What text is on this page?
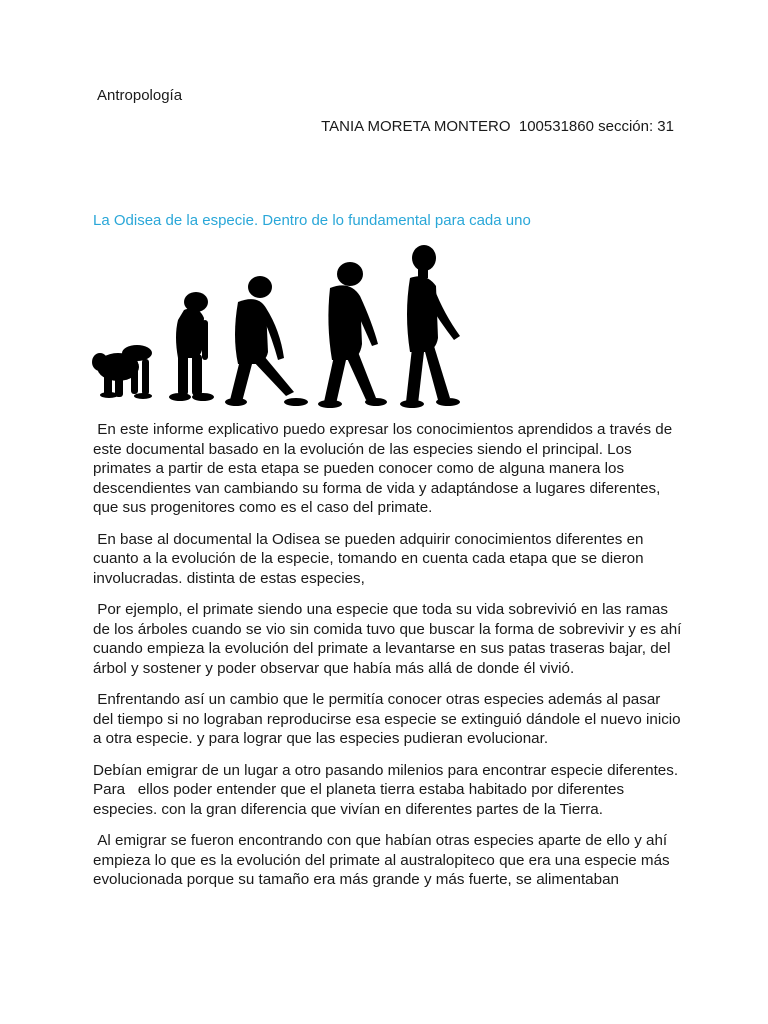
Antropología
TANIA MORETA MONTERO  100531860 sección: 31
La Odisea de la especie. Dentro de lo fundamental para cada uno

En este informe explicativo puedo expresar los conocimientos aprendidos a través de este documental basado en la evolución de las especies siendo el principal. Los primates a partir de esta etapa se pueden conocer como de alguna manera los descendientes van cambiando su forma de vida y adaptándose a lugares diferentes, que sus progenitores como es el caso del primate.

En base al documental la Odisea se pueden adquirir conocimientos diferentes en cuanto a la evolución de la especie, tomando en cuenta cada etapa que se dieron involucradas. distinta de estas especies,

Por ejemplo, el primate siendo una especie que toda su vida sobrevivió en las ramas de los árboles cuando se vio sin comida tuvo que buscar la forma de sobrevivir y es ahí cuando empieza la evolución del primate a levantarse en sus patas traseras bajar, del árbol y sostener y poder observar que había más allá de donde él vivió.

Enfrentando así un cambio que le permitía conocer otras especies además al pasar del tiempo si no lograban reproducirse esa especie se extinguió dándole el nuevo inicio a otra especie. y para lograr que las especies pudieran evolucionar.

Debían emigrar de un lugar a otro pasando milenios para encontrar especie diferentes. Para   ellos poder entender que el planeta tierra estaba habitado por diferentes especies. con la gran diferencia que vivían en diferentes partes de la Tierra.

Al emigrar se fueron encontrando con que habían otras especies aparte de ello y ahí empieza lo que es la evolución del primate al australopiteco que era una especie más evolucionada porque su tamaño era más grande y más fuerte, se alimentaban
